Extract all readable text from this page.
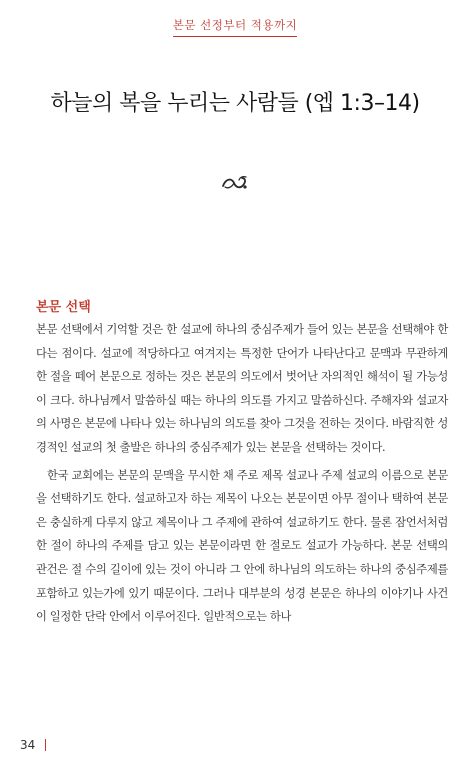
본문 선정부터 적용까지
하늘의 복을 누리는 사람들 (엡 1:3–14)
본문 선택

본문 선택에서 기억할 것은 한 설교에 하나의 중심주제가 들어 있는 본문을 선택해야 한다는 점이다. 설교에 적당하다고 여겨지는 특정한 단어가 나타난다고 문맥과 무관하게 한 절을 떼어 본문으로 정하는 것은 본문의 의도에서 벗어난 자의적인 해석이 될 가능성이 크다. 하나님께서 말씀하실 때는 하나의 의도를 가지고 말씀하신다. 주해자와 설교자의 사명은 본문에 나타나 있는 하나님의 의도를 찾아 그것을 전하는 것이다. 바람직한 성경적인 설교의 첫 출발은 하나의 중심주제가 있는 본문을 선택하는 것이다.

한국 교회에는 본문의 문맥을 무시한 채 주로 제목 설교나 주제 설교의 이름으로 본문을 선택하기도 한다. 설교하고자 하는 제목이 나오는 본문이면 아무 절이나 택하여 본문은 충실하게 다루지 않고 제목이나 그 주제에 관하여 설교하기도 한다. 물론 잠언서처럼 한 절이 하나의 주제를 담고 있는 본문이라면 한 절로도 설교가 가능하다. 본문 선택의 관건은 절 수의 길이에 있는 것이 아니라 그 안에 하나님의 의도하는 하나의 중심주제를 포함하고 있는가에 있기 때문이다. 그러나 대부분의 성경 본문은 하나의 이야기나 사건이 일정한 단락 안에서 이루어진다. 일반적으로는 하나

34
